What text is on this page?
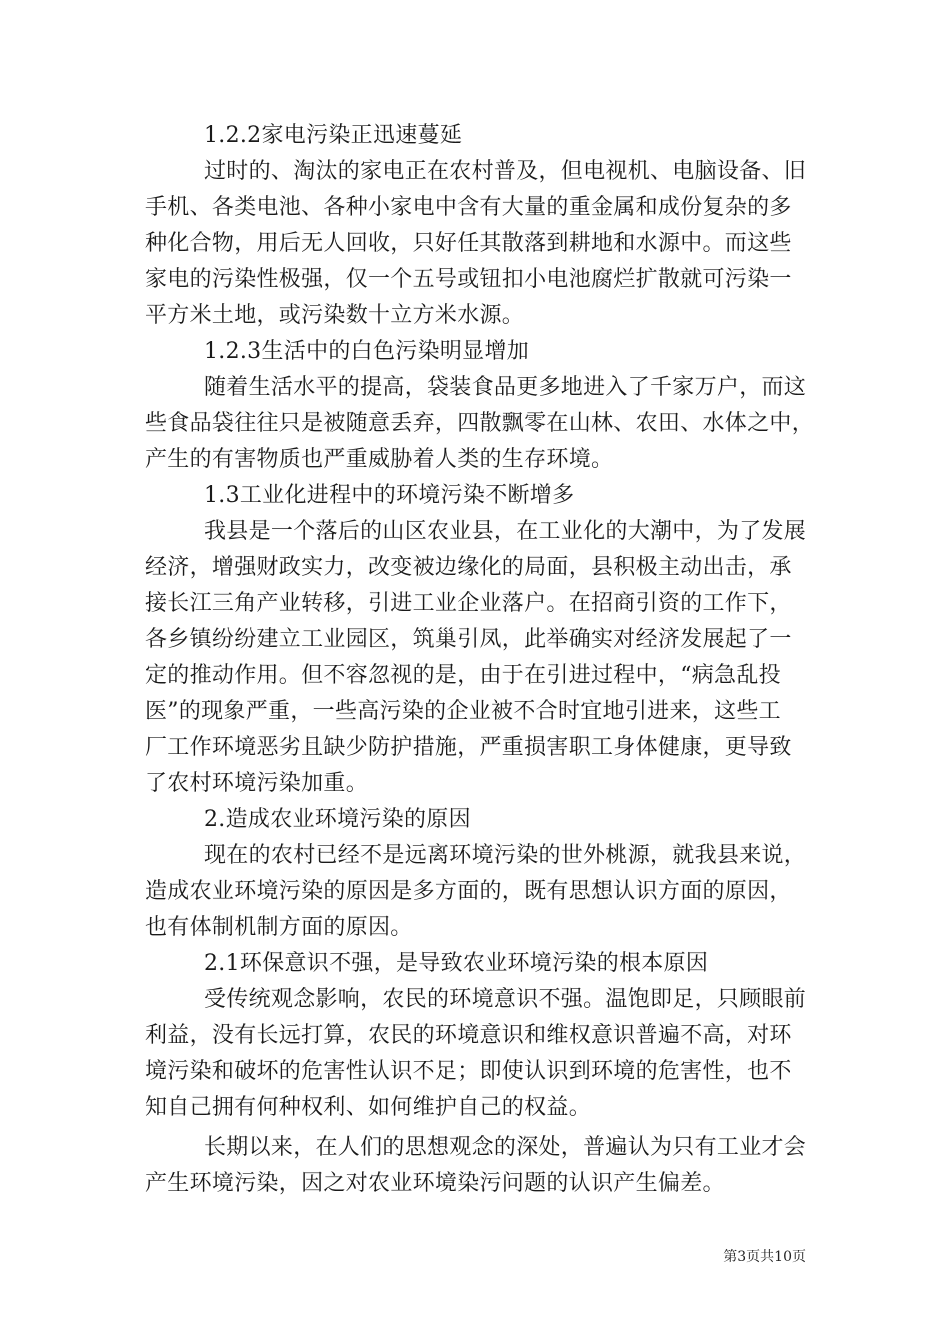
1.2.2家电污染正迅速蔓延
过时的、淘汰的家电正在农村普及，但电视机、电脑设备、旧
手机、各类电池、各种小家电中含有大量的重金属和成份复杂的多
种化合物，用后无人回收，只好任其散落到耕地和水源中。而这些
家电的污染性极强，仅一个五号或钮扣小电池腐烂扩散就可污染一
平方米土地，或污染数十立方米水源。
1.2.3生活中的白色污染明显增加
随着生活水平的提高，袋装食品更多地进入了千家万户，而这
些食品袋往往只是被随意丢弃，四散飘零在山林、农田、水体之中，
产生的有害物质也严重威胁着人类的生存环境。
1.3工业化进程中的环境污染不断增多
我县是一个落后的山区农业县，在工业化的大潮中，为了发展
经济，增强财政实力，改变被边缘化的局面，县积极主动出击，承
接长江三角产业转移，引进工业企业落户。在招商引资的工作下，
各乡镇纷纷建立工业园区，筑巢引凤，此举确实对经济发展起了一
定的推动作用。但不容忽视的是，由于在引进过程中，“病急乱投
医”的现象严重，一些高污染的企业被不合时宜地引进来，这些工
厂工作环境恶劣且缺少防护措施，严重损害职工身体健康，更导致
了农村环境污染加重。
2.造成农业环境污染的原因
现在的农村已经不是远离环境污染的世外桃源，就我县来说，
造成农业环境污染的原因是多方面的，既有思想认识方面的原因，
也有体制机制方面的原因。
2.1环保意识不强，是导致农业环境污染的根本原因
受传统观念影响，农民的环境意识不强。温饱即足，只顾眼前
利益，没有长远打算，农民的环境意识和维权意识普遍不高，对环
境污染和破坏的危害性认识不足；即使认识到环境的危害性，也不
知自己拥有何种权利、如何维护自己的权益。
长期以来，在人们的思想观念的深处，普遍认为只有工业才会
产生环境污染，因之对农业环境染污问题的认识产生偏差。
第3页共10页
